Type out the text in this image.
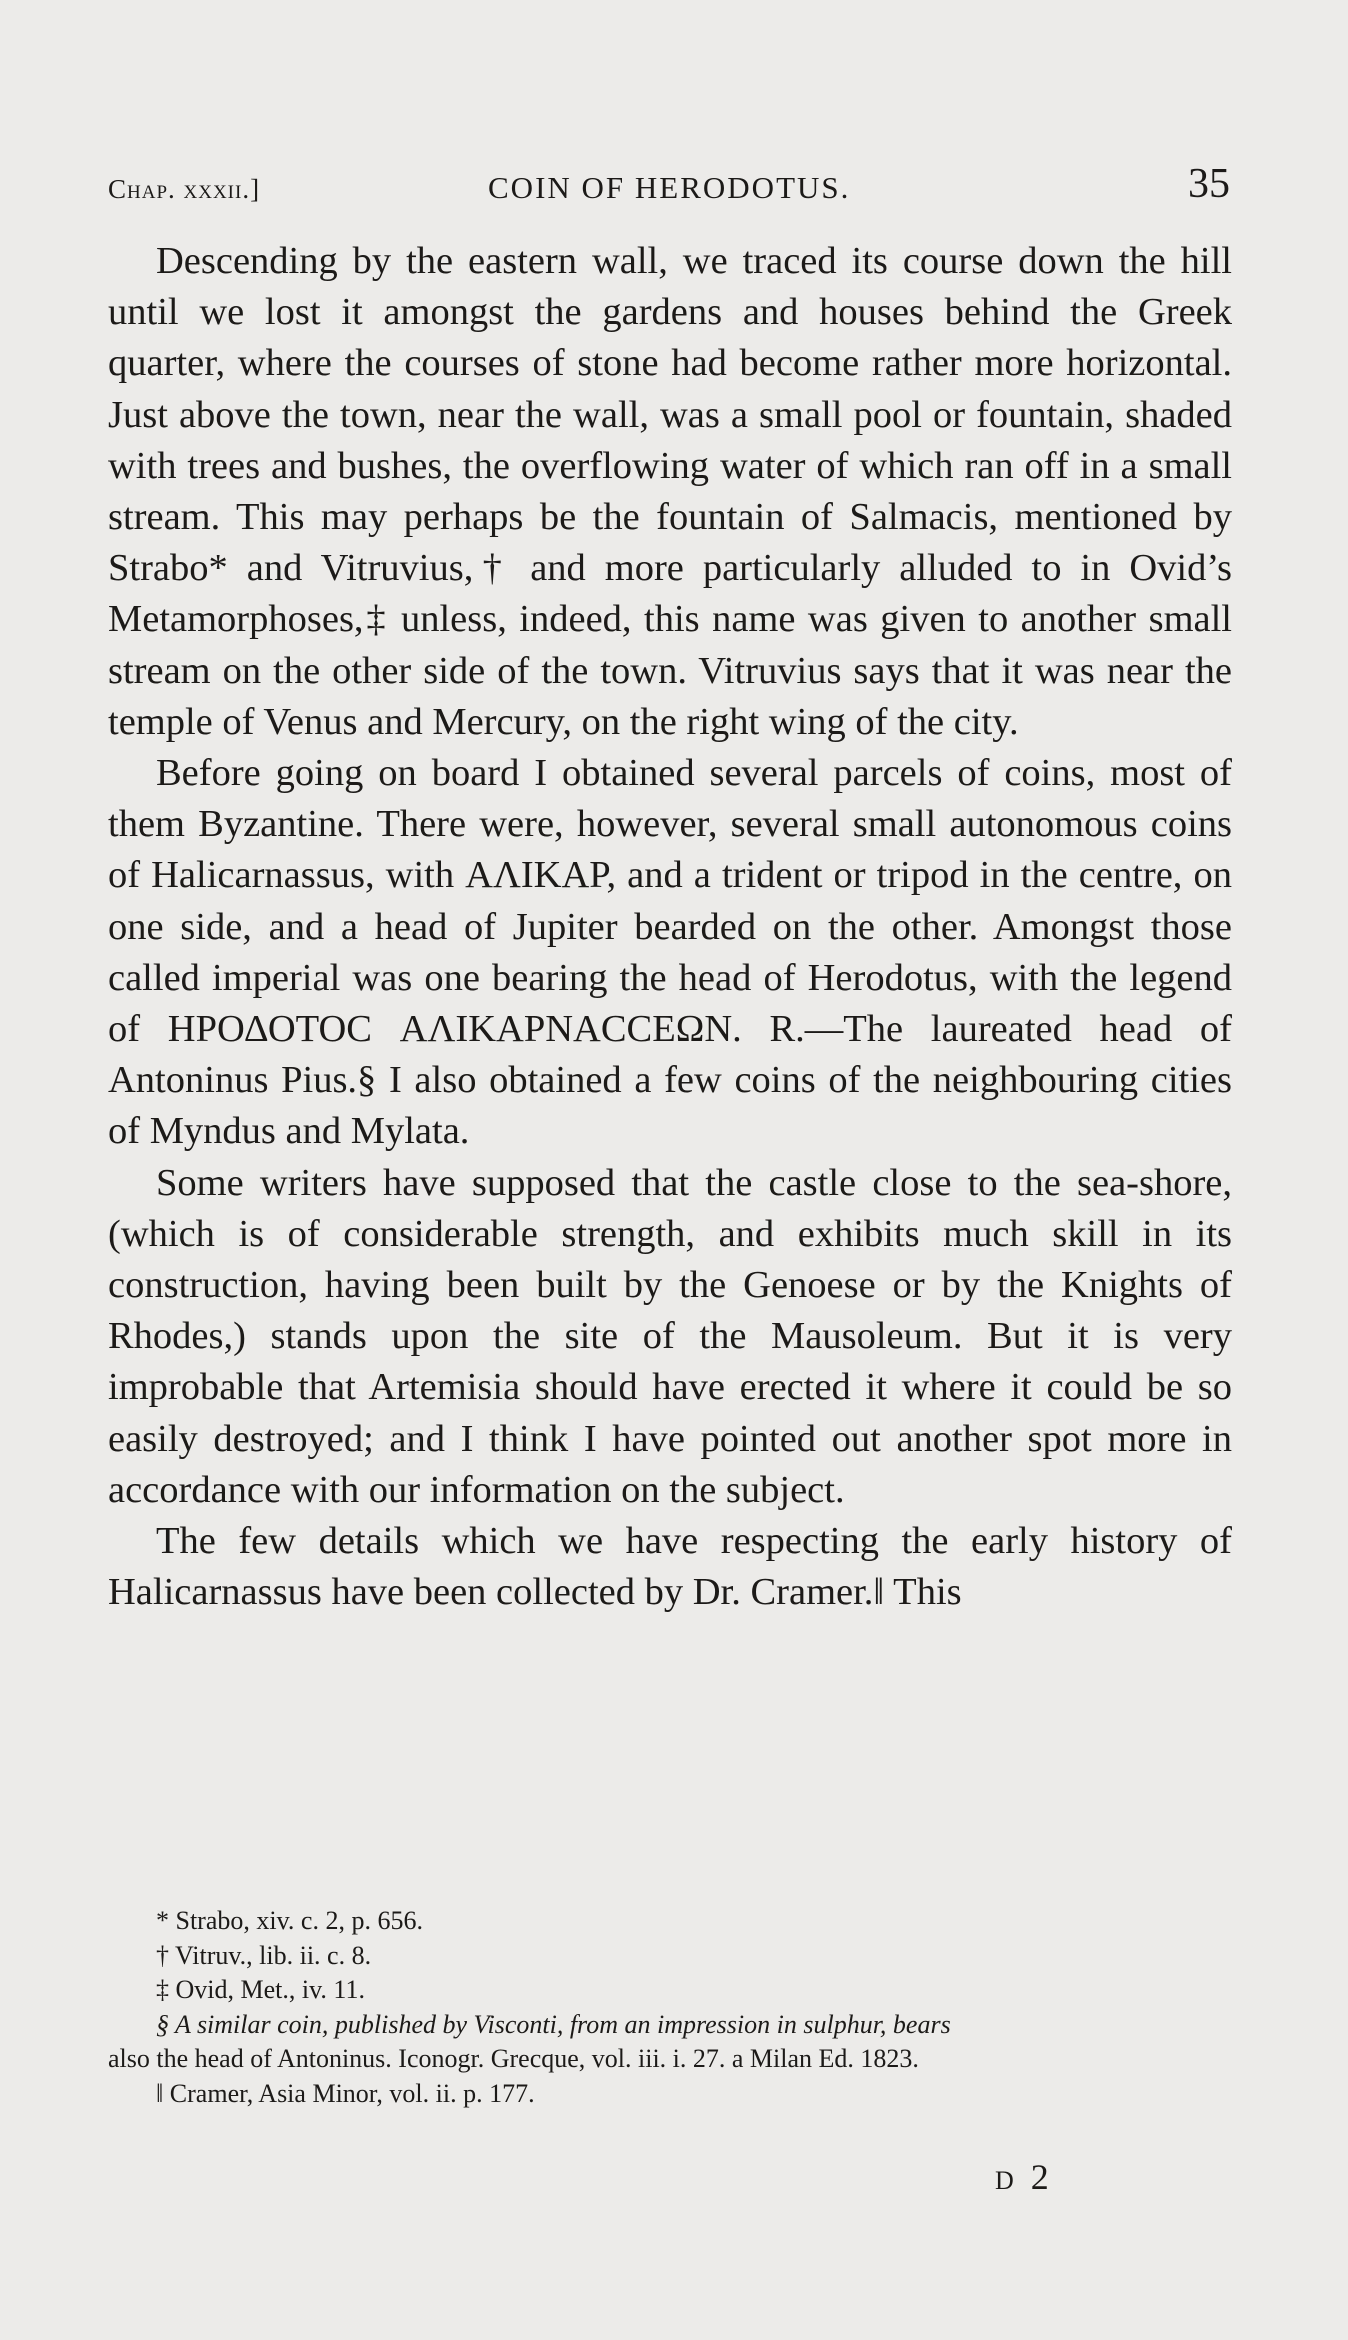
Chap. xxxii.]	COIN OF HERODOTUS.	35

Descending by the eastern wall, we traced its course down the hill until we lost it amongst the gardens and houses behind the Greek quarter, where the courses of stone had become rather more horizontal. Just above the town, near the wall, was a small pool or fountain, shaded with trees and bushes, the overflowing water of which ran off in a small stream. This may perhaps be the fountain of Salmacis, mentioned by Strabo* and Vitruvius,† and more particularly alluded to in Ovid’s Metamorphoses,‡ unless, indeed, this name was given to another small stream on the other side of the town. Vitruvius says that it was near the temple of Venus and Mercury, on the right wing of the city.

Before going on board I obtained several parcels of coins, most of them Byzantine. There were, however, several small autonomous coins of Halicarnassus, with ΑΛΙΚΑΡ, and a trident or tripod in the centre, on one side, and a head of Jupiter bearded on the other. Amongst those called imperial was one bearing the head of Herodotus, with the legend of ΗΡΟΔΟΤΟC ΑΛΙΚΑΡΝΑCCΕΩΝ. R.—The laureated head of Antoninus Pius.§ I also obtained a few coins of the neighbouring cities of Myndus and Mylata.

Some writers have supposed that the castle close to the sea-shore, (which is of considerable strength, and exhibits much skill in its construction, having been built by the Genoese or by the Knights of Rhodes,) stands upon the site of the Mausoleum. But it is very improbable that Artemisia should have erected it where it could be so easily destroyed; and I think I have pointed out another spot more in accordance with our information on the subject.

The few details which we have respecting the early history of Halicarnassus have been collected by Dr. Cramer.‖ This

* Strabo, xiv. c. 2, p. 656.

† Vitruv., lib. ii. c. 8.

‡ Ovid, Met., iv. 11.

§ A similar coin, published by Visconti, from an impression in sulphur, bears

also the head of Antoninus. Iconogr. Grecque, vol. iii. i. 27. a Milan Ed. 1823.

‖ Cramer, Asia Minor, vol. ii. p. 177.

D 2
